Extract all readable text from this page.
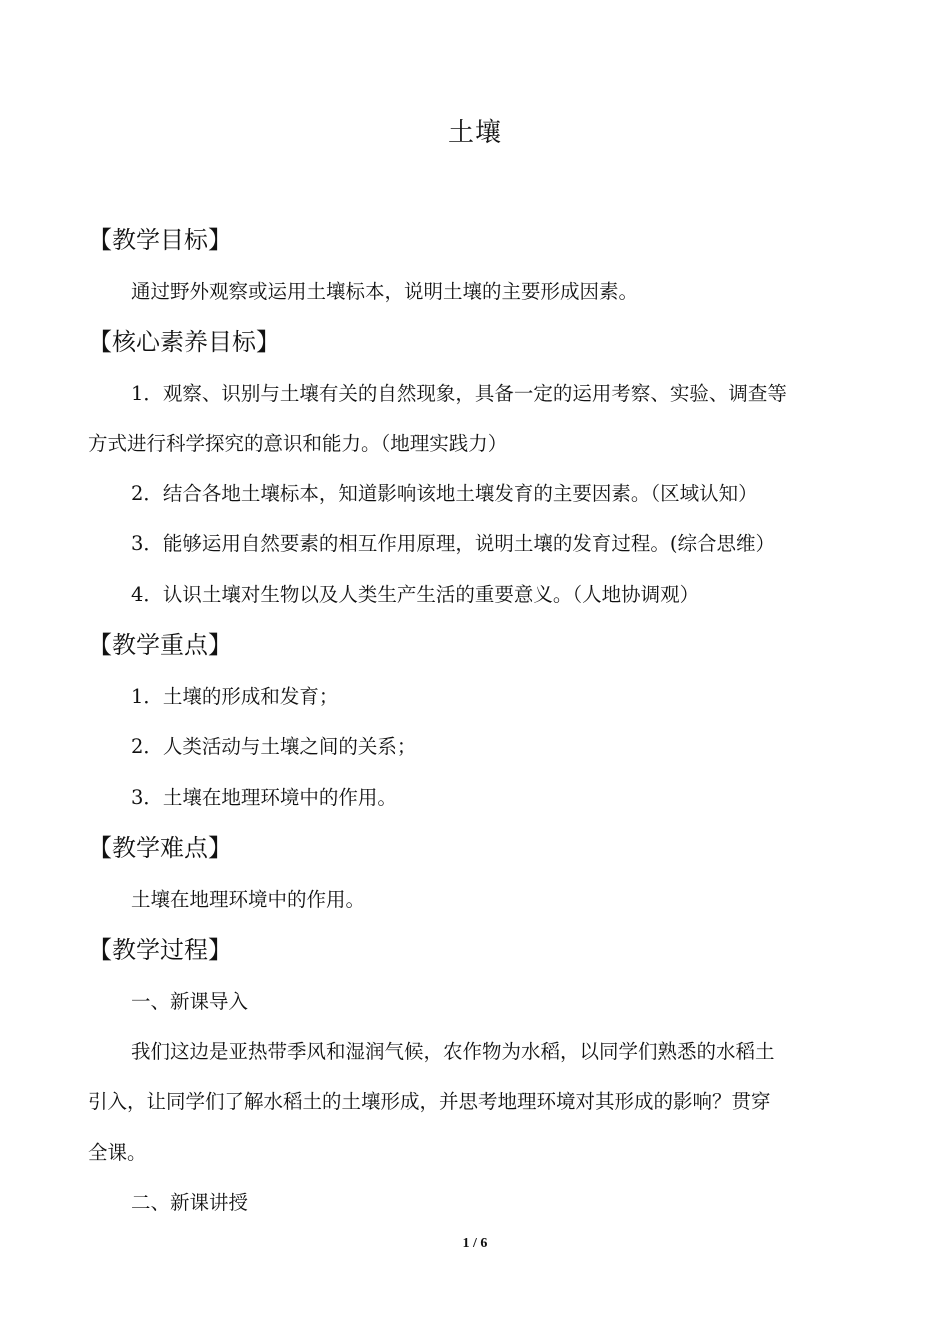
土壤
【教学目标】
通过野外观察或运用土壤标本，说明土壤的主要形成因素。
【核心素养目标】
1．观察、识别与土壤有关的自然现象，具备一定的运用考察、实验、调查等
方式进行科学探究的意识和能力。（地理实践力）
2．结合各地土壤标本，知道影响该地土壤发育的主要因素。（区域认知）
3．能够运用自然要素的相互作用原理，说明土壤的发育过程。(综合思维）
4．认识土壤对生物以及人类生产生活的重要意义。（人地协调观）
【教学重点】
1．土壤的形成和发育；
2．人类活动与土壤之间的关系；
3．土壤在地理环境中的作用。
【教学难点】
土壤在地理环境中的作用。
【教学过程】
一、新课导入
我们这边是亚热带季风和湿润气候，农作物为水稻，以同学们熟悉的水稻土
引入，让同学们了解水稻土的土壤形成，并思考地理环境对其形成的影响？贯穿
全课。
二、新课讲授
1 / 6
